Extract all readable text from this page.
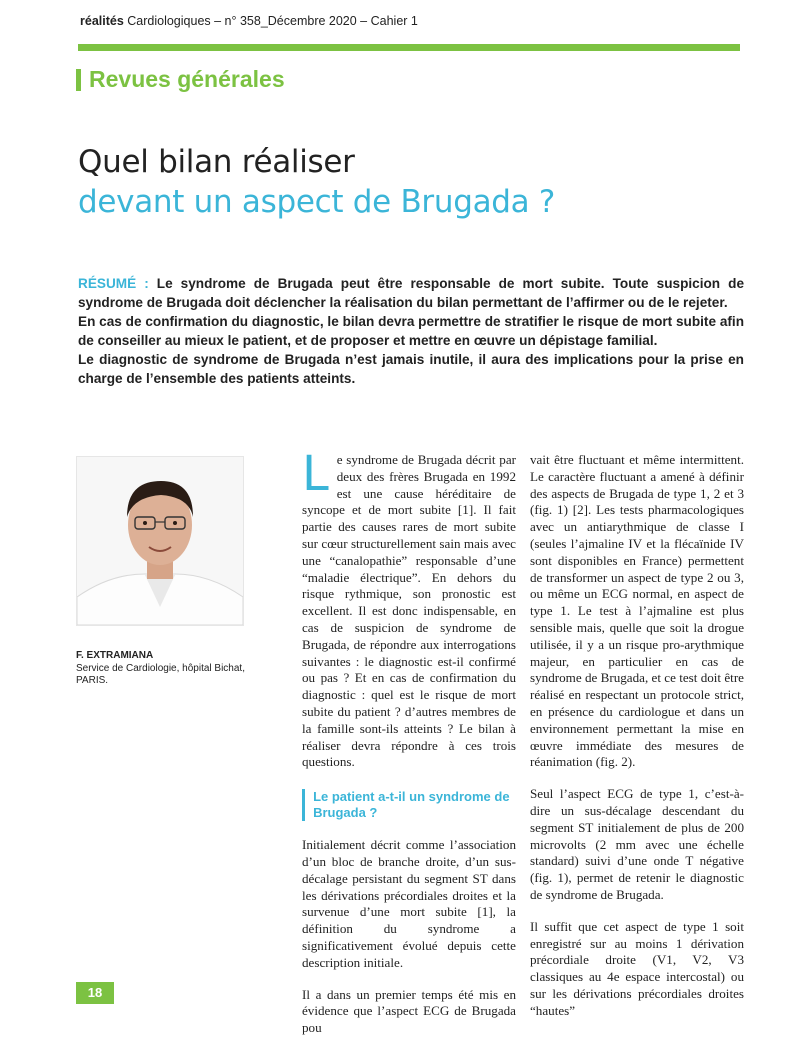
réalités Cardiologiques – n° 358_Décembre 2020 – Cahier 1
Revues générales
Quel bilan réaliser
devant un aspect de Brugada ?

RÉSUMÉ : Le syndrome de Brugada peut être responsable de mort subite. Toute suspicion de syndrome de Brugada doit déclencher la réalisation du bilan permettant de l’affirmer ou de le rejeter.

En cas de confirmation du diagnostic, le bilan devra permettre de stratifier le risque de mort subite afin de conseiller au mieux le patient, et de proposer et mettre en œuvre un dépistage familial.

Le diagnostic de syndrome de Brugada n’est jamais inutile, il aura des implications pour la prise en charge de l’ensemble des patients atteints.

F. EXTRAMIANA
Service de Cardiologie, hôpital Bichat,
PARIS.

Le syndrome de Brugada décrit par deux des frères Brugada en 1992 est une cause héréditaire de syncope et de mort subite [1]. Il fait partie des causes rares de mort subite sur cœur structurellement sain mais avec une “canalopathie” responsable d’une “maladie électrique”. En dehors du risque rythmique, son pronostic est excellent. Il est donc indispensable, en cas de suspicion de syndrome de Brugada, de répondre aux interrogations suivantes : le diagnostic est-il confirmé ou pas ? Et en cas de confirmation du diagnostic : quel est le risque de mort subite du patient ? d’autres membres de la famille sont-ils atteints ? Le bilan à réaliser devra répondre à ces trois questions.

Le patient a-t-il un syndrome de Brugada ?

Initialement décrit comme l’association d’un bloc de branche droite, d’un sus-décalage persistant du segment ST dans les dérivations précordiales droites et la survenue d’une mort subite [1], la définition du syndrome a significativement évolué depuis cette description initiale.

Il a dans un premier temps été mis en évidence que l’aspect ECG de Brugada pou

vait être fluctuant et même intermittent. Le caractère fluctuant a amené à définir des aspects de Brugada de type 1, 2 et 3 (fig. 1) [2]. Les tests pharmacologiques avec un antiarythmique de classe I (seules l’ajmaline IV et la flécaïnide IV sont disponibles en France) permettent de transformer un aspect de type 2 ou 3, ou même un ECG normal, en aspect de type 1. Le test à l’ajmaline est plus sensible mais, quelle que soit la drogue utilisée, il y a un risque pro-arythmique majeur, en particulier en cas de syndrome de Brugada, et ce test doit être réalisé en respectant un protocole strict, en présence du cardiologue et dans un environnement permettant la mise en œuvre immédiate des mesures de réanimation (fig. 2).

Seul l’aspect ECG de type 1, c’est-à-dire un sus-décalage descendant du segment ST initialement de plus de 200 microvolts (2 mm avec une échelle standard) suivi d’une onde T négative (fig. 1), permet de retenir le diagnostic de syndrome de Brugada.

Il suffit que cet aspect de type 1 soit enregistré sur au moins 1 dérivation précordiale droite (V1, V2, V3 classiques au 4e espace intercostal) ou sur les dérivations précordiales droites “hautes”

18
